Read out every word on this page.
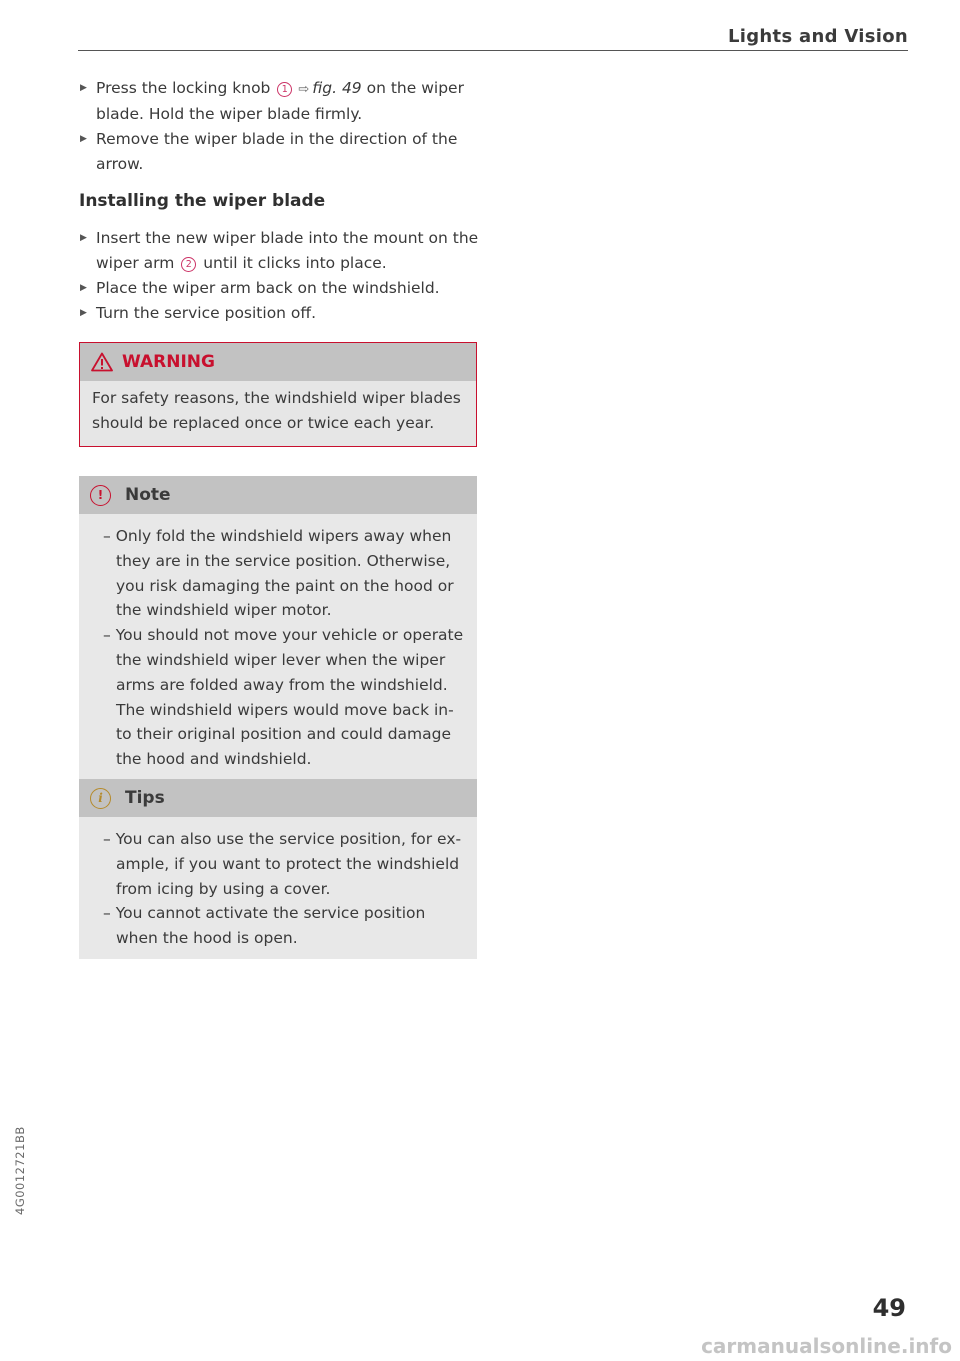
Lights and Vision

▶ Press the locking knob 1 ⇨ fig. 49 on the wiper blade. Hold the wiper blade firmly.

▶ Remove the wiper blade in the direction of the arrow.

Installing the wiper blade

▶ Insert the new wiper blade into the mount on the wiper arm 2 until it clicks into place.

▶ Place the wiper arm back on the windshield.

▶ Turn the service position off.

WARNING
For safety reasons, the windshield wiper blades should be replaced once or twice each year.
!	Note

– Only fold the windshield wipers away when they are in the service position. Otherwise, you risk damaging the paint on the hood or the windshield wiper motor.

– You should not move your vehicle or operate the windshield wiper lever when the wiper arms are folded away from the windshield. The windshield wipers would move back in-to their original position and could damage the hood and windshield.

i	Tips

– You can also use the service position, for ex-ample, if you want to protect the windshield from icing by using a cover.

– You cannot activate the service position when the hood is open.

4G0012721BB
49
carmanualsonline.info
